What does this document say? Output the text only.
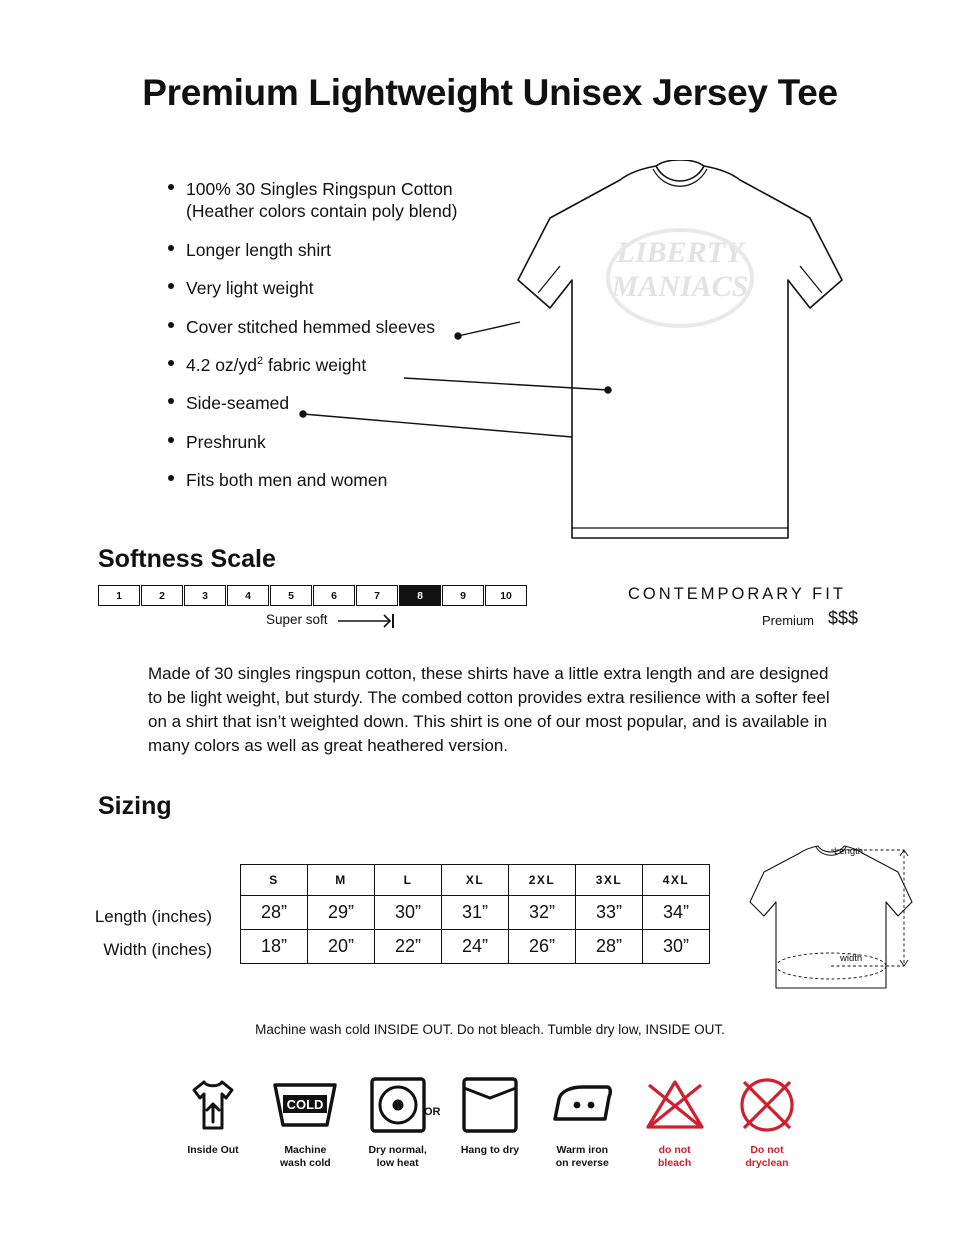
Premium Lightweight Unisex Jersey Tee
100% 30 Singles Ringspun Cotton
(Heather colors contain poly blend)
Longer length shirt
Very light weight
Cover stitched hemmed sleeves
4.2 $oz/yd^2$ fabric weight
Side-seamed
Preshrunk
Fits both men and women
LIBERTY
MANIACS
Softness Scale
1	2	3	4	5	6	7	8	9	10
Super soft
CONTEMPORARY FIT
Premium $$$
Made of 30 singles ringspun cotton, these shirts have a little extra length and are designed to be light weight, but sturdy. The combed cotton provides extra resilience with a softer feel on a shirt that isn’t weighted down. This shirt is one of our most popular, and is available in many colors as well as great heathered version.
Sizing
Length (inches)
Width (inches)
S	M	L	XL	2XL	3XL	4XL
28”	29”	30”	31”	32”	33”	34”
18”	20”	22”	24”	26”	28”	30”
Length
width
Machine wash cold INSIDE OUT. Do not bleach. Tumble dry low, INSIDE OUT.
Inside Out
COLD
Machine
wash cold
Dry normal,
low heat
Hang to dry	Warm iron
on reverse
do not
bleach
Do not
dryclean
OR
